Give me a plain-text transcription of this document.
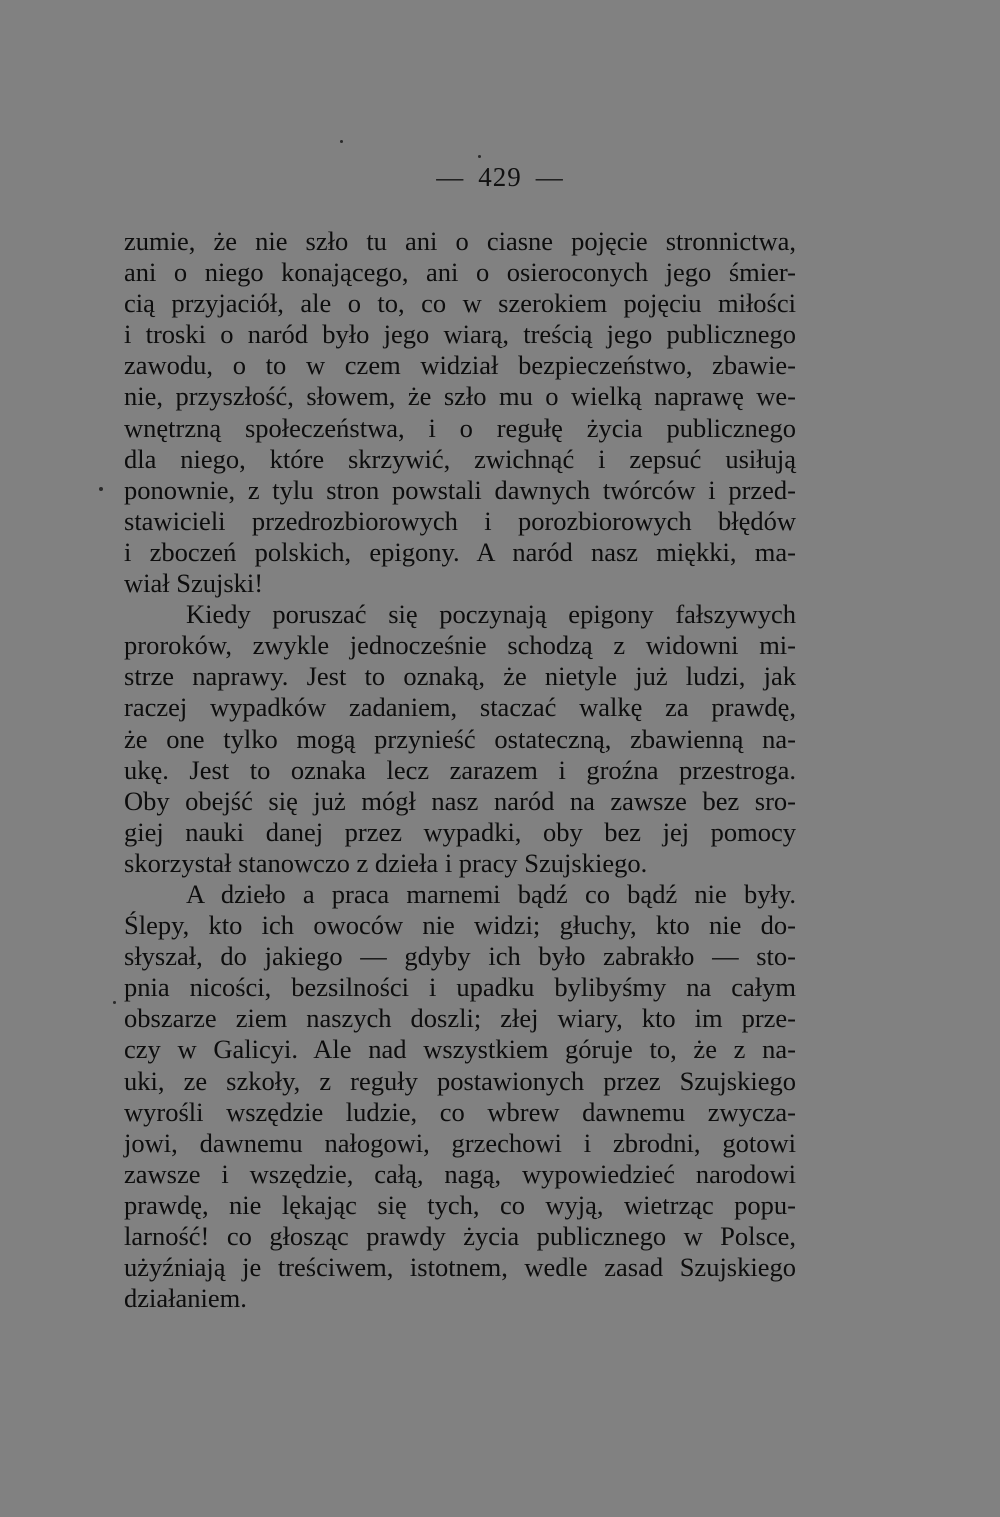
— 429 —
zumie, że nie szło tu ani o ciasne pojęcie stronnictwa,
ani o niego konającego, ani o osieroconych jego śmier-
cią przyjaciół, ale o to, co w szerokiem pojęciu miłości
i troski o naród było jego wiarą, treścią jego publicznego
zawodu, o to w czem widział bezpieczeństwo, zbawie-
nie, przyszłość, słowem, że szło mu o wielką naprawę we-
wnętrzną społeczeństwa, i o regułę życia publicznego
dla niego, które skrzywić, zwichnąć i zepsuć usiłują
ponownie, z tylu stron powstali dawnych twórców i przed-
stawicieli przedrozbiorowych i porozbiorowych błędów
i zboczeń polskich, epigony. A naród nasz miękki, ma-
wiał Szujski!
Kiedy poruszać się poczynają epigony fałszywych
proroków, zwykle jednocześnie schodzą z widowni mi-
strze naprawy. Jest to oznaką, że nietyle już ludzi, jak
raczej wypadków zadaniem, staczać walkę za prawdę,
że one tylko mogą przynieść ostateczną, zbawienną na-
ukę. Jest to oznaka lecz zarazem i groźna przestroga.
Oby obejść się już mógł nasz naród na zawsze bez sro-
giej nauki danej przez wypadki, oby bez jej pomocy
skorzystał stanowczo z dzieła i pracy Szujskiego.
A dzieło a praca marnemi bądź co bądź nie były.
Ślepy, kto ich owoców nie widzi; głuchy, kto nie do-
słyszał, do jakiego — gdyby ich było zabrakło — sto-
pnia nicości, bezsilności i upadku bylibyśmy na całym
obszarze ziem naszych doszli; złej wiary, kto im prze-
czy w Galicyi. Ale nad wszystkiem góruje to, że z na-
uki, ze szkoły, z reguły postawionych przez Szujskiego
wyrośli wszędzie ludzie, co wbrew dawnemu zwycza-
jowi, dawnemu nałogowi, grzechowi i zbrodni, gotowi
zawsze i wszędzie, całą, nagą, wypowiedzieć narodowi
prawdę, nie lękając się tych, co wyją, wietrząc popu-
larność! co głosząc prawdy życia publicznego w Polsce,
użyźniają je treściwem, istotnem, wedle zasad Szujskiego
działaniem.
